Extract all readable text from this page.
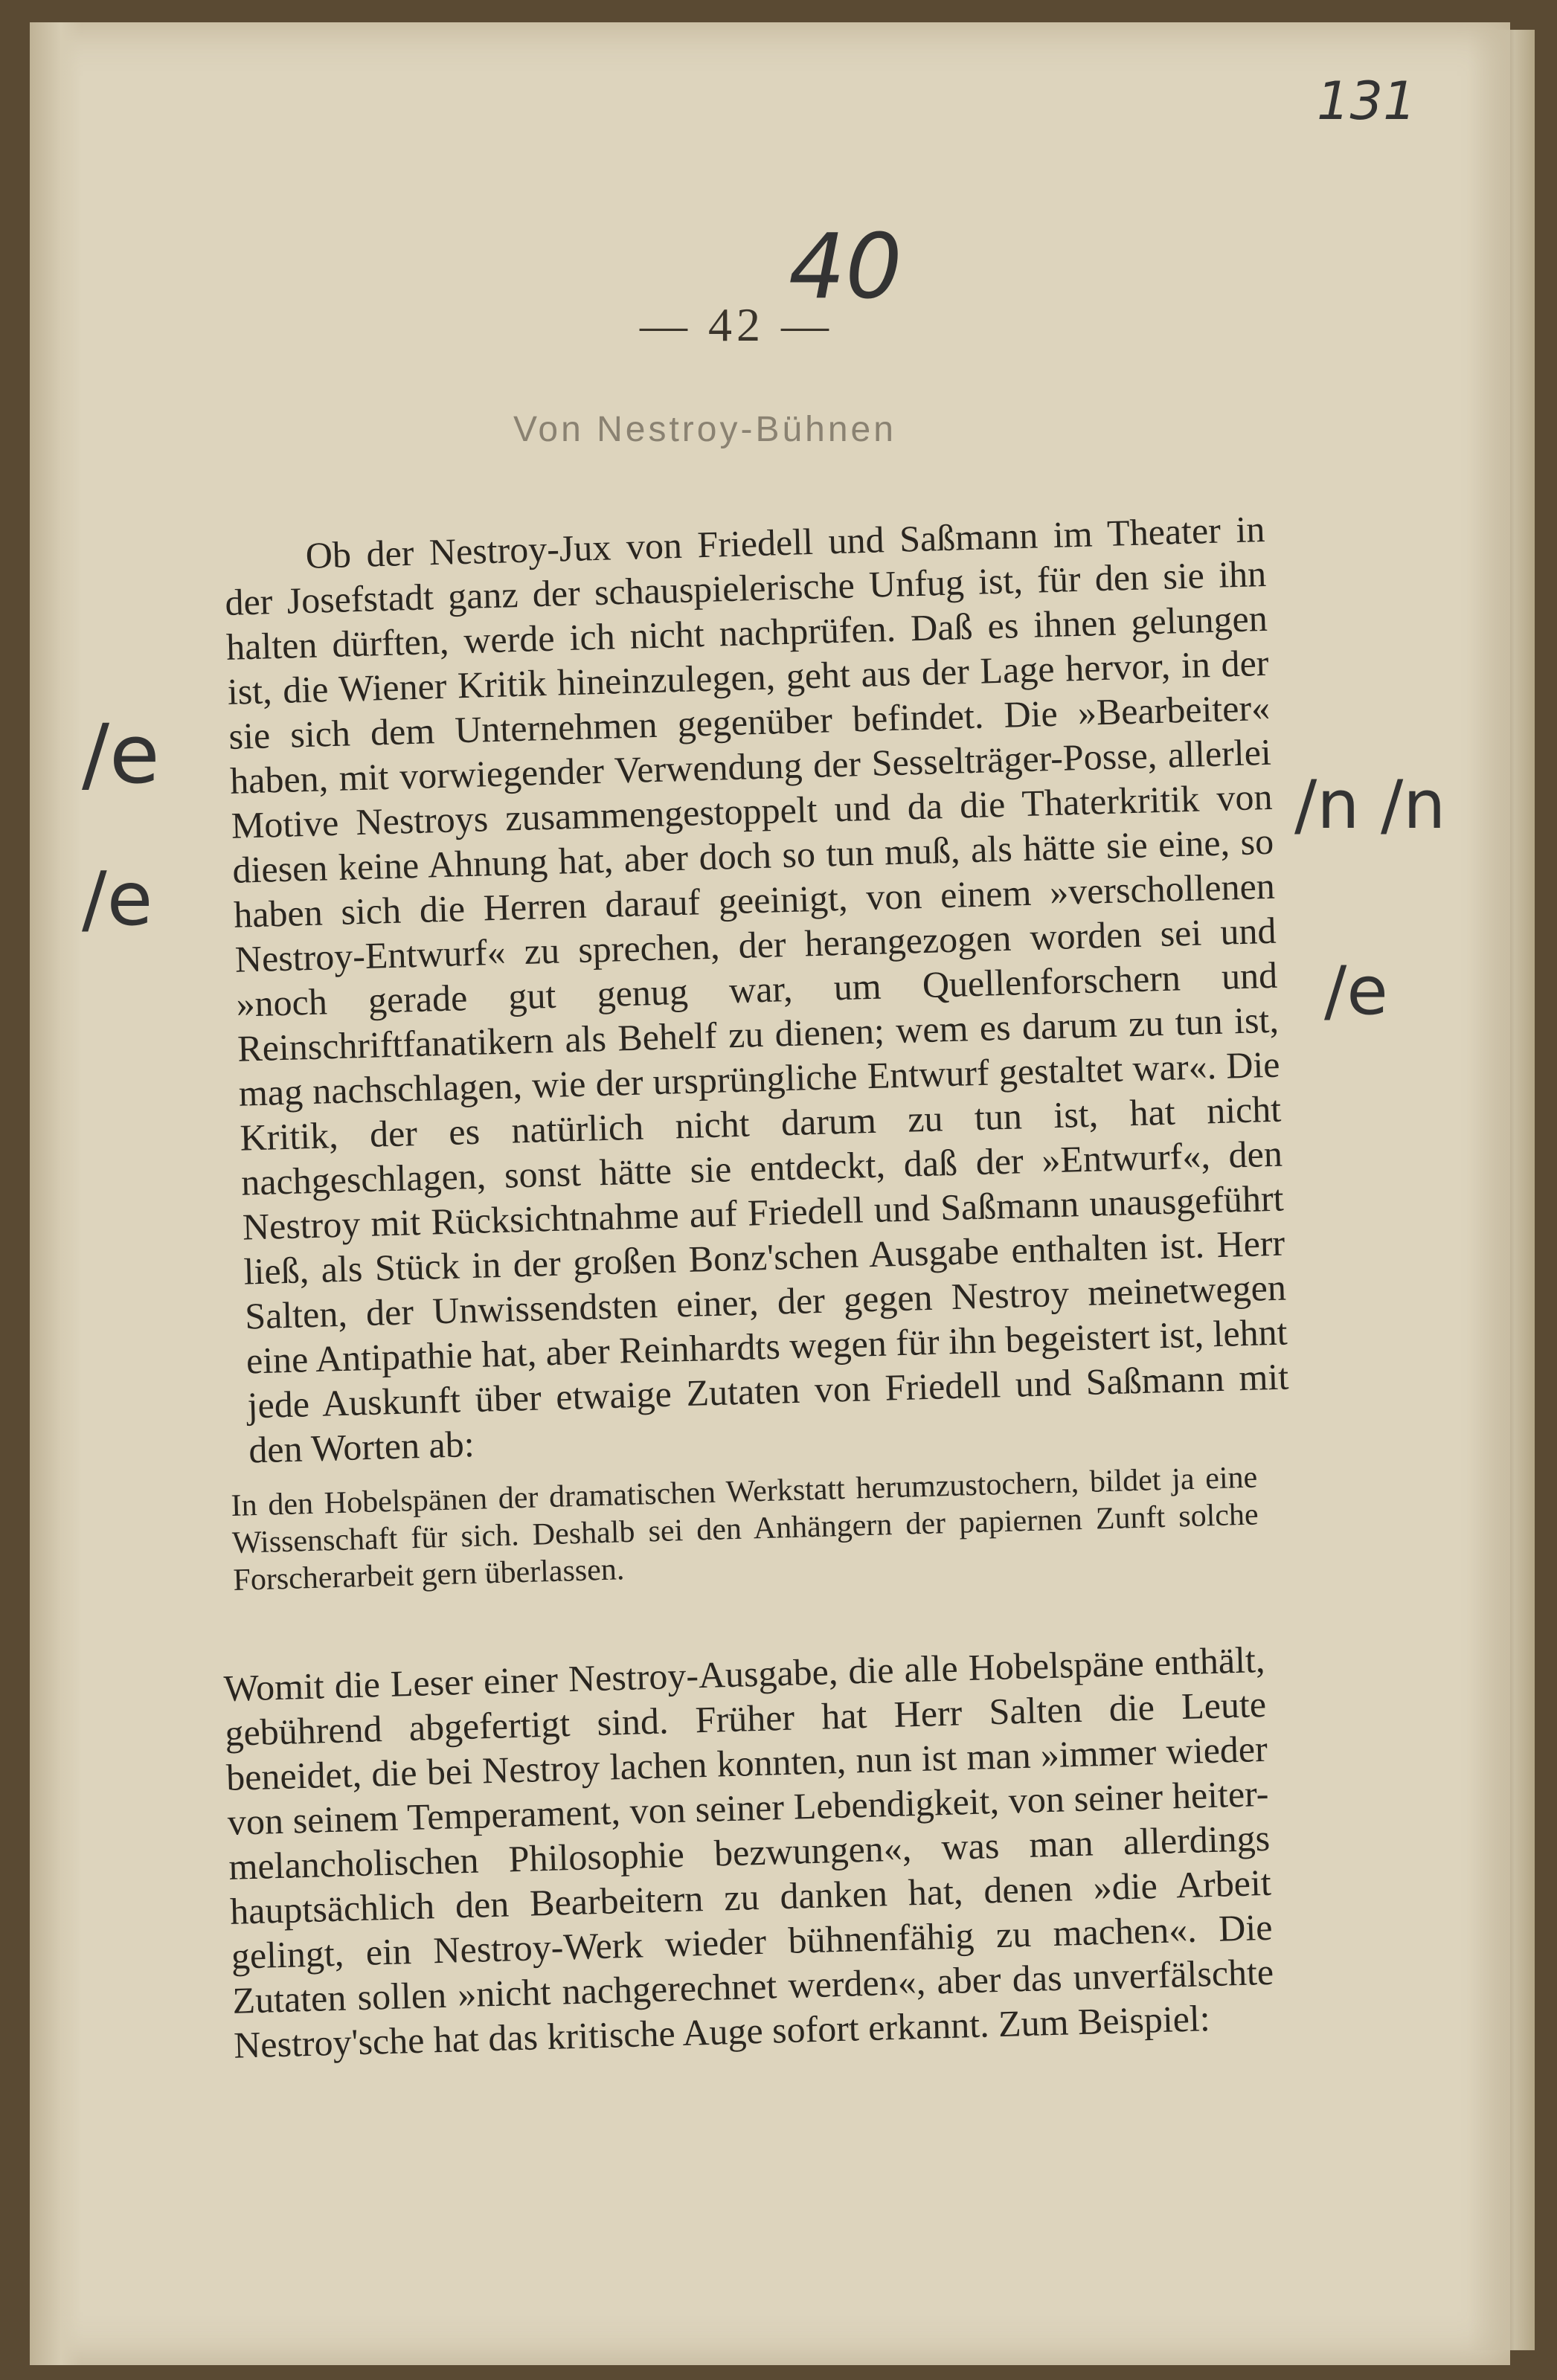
131
40
— 42 —
Von Nestroy-Bühnen
Ob der Nestroy-Jux von Friedell und Saßmann im Theater in der Josefstadt ganz der schauspielerische Unfug ist, für den sie ihn halten dürften, werde ich nicht nachprüfen. Daß es ihnen gelungen ist, die Wiener Kritik hineinzulegen, geht aus der Lage hervor, in der sie sich dem Unternehmen gegenüber befindet. Die »Bearbeiter« haben, mit vorwiegender Verwendung der Sesselträger-Posse, allerlei Motive Nestroys zusammengestoppelt und da die Thaterkritik von diesen keine Ahnung hat, aber doch so tun muß, als hätte sie eine, so haben sich die Herren darauf geeinigt, von einem »verschollenen Nestroy-Entwurf« zu sprechen, der herangezogen worden sei und »noch gerade gut genug war, um Quellenforschern und Reinschriftfanatikern als Behelf zu dienen; wem es darum zu tun ist, mag nachschlagen, wie der ursprüngliche Entwurf gestaltet war«. Die Kritik, der es natürlich nicht darum zu tun ist, hat nicht nachgeschlagen, sonst hätte sie entdeckt, daß der »Entwurf«, den Nestroy mit Rücksichtnahme auf Friedell und Saßmann unausgeführt ließ, als Stück in der großen Bonz'schen Ausgabe enthalten ist. Herr Salten, der Unwissendsten einer, der gegen Nestroy meinetwegen eine Antipathie hat, aber Reinhardts wegen für ihn begeistert ist, lehnt jede Auskunft über etwaige Zutaten von Friedell und Saßmann mit den Worten ab:
In den Hobelspänen der dramatischen Werkstatt herumzustochern, bildet ja eine Wissenschaft für sich. Deshalb sei den Anhängern der papiernen Zunft solche Forscherarbeit gern überlassen.
Womit die Leser einer Nestroy-Ausgabe, die alle Hobelspäne enthält, gebührend abgefertigt sind. Früher hat Herr Salten die Leute beneidet, die bei Nestroy lachen konnten, nun ist man »immer wieder von seinem Temperament, von seiner Lebendigkeit, von seiner heiter-melancholischen Philosophie bezwungen«, was man allerdings hauptsächlich den Bearbeitern zu danken hat, denen »die Arbeit gelingt, ein Nestroy-Werk wieder bühnenfähig zu machen«. Die Zutaten sollen »nicht nachgerechnet werden«, aber das unverfälschte Nestroy'sche hat das kritische Auge sofort erkannt. Zum Beispiel:
/e
/e
/n /n
/e
